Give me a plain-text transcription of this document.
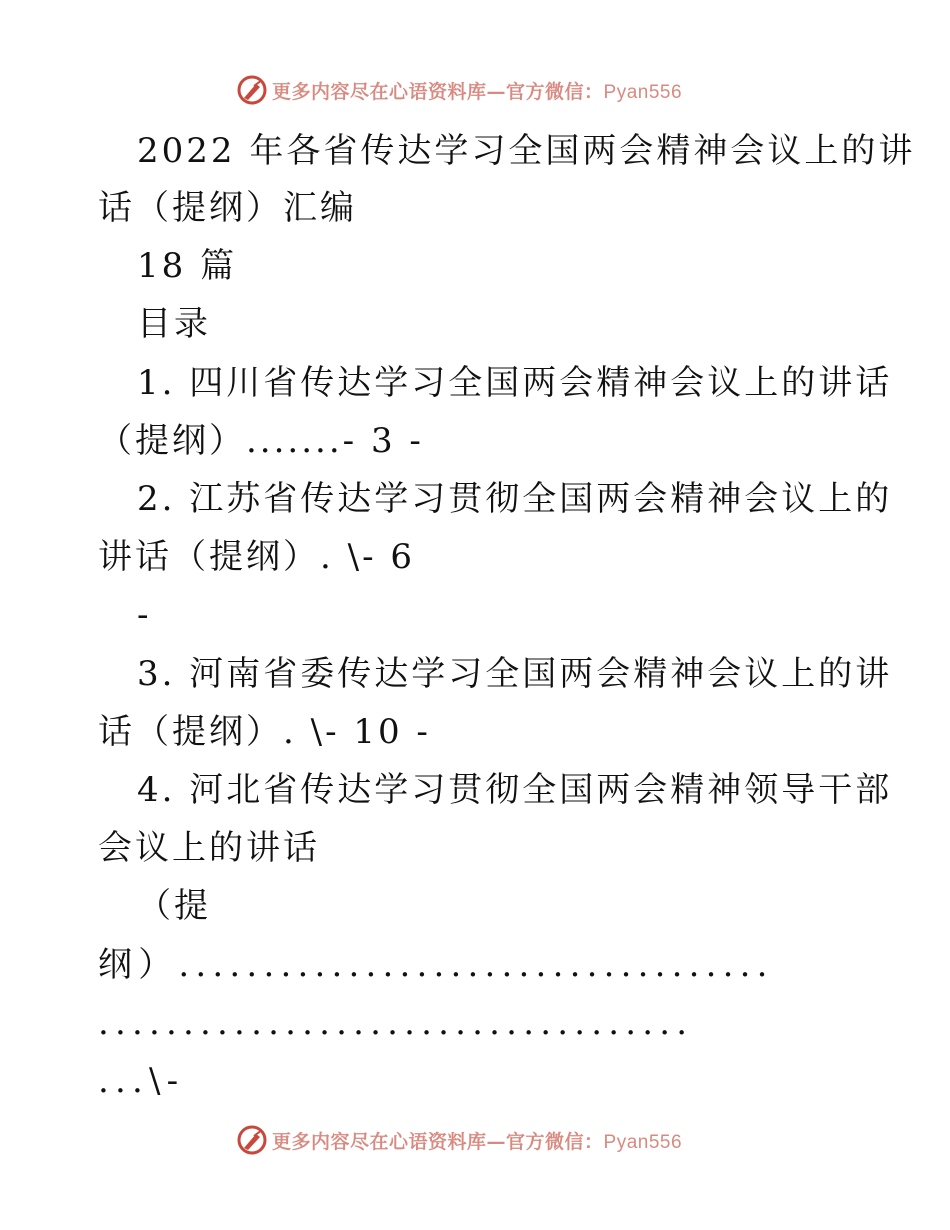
更多内容尽在心语资料库—官方微信：Pyan556
2022 年各省传达学习全国两会精神会议上的讲
话（提纲）汇编
18 篇
目录
1. 四川省传达学习全国两会精神会议上的讲话
（提纲）.......- 3 -
2. 江苏省传达学习贯彻全国两会精神会议上的
讲话（提纲）. \- 6
-
3. 河南省委传达学习全国两会精神会议上的讲
话（提纲）. \- 10 -
4. 河北省传达学习贯彻全国两会精神领导干部
会议上的讲话
（提
纲）...................................
...................................
...\-
更多内容尽在心语资料库—官方微信：Pyan556
